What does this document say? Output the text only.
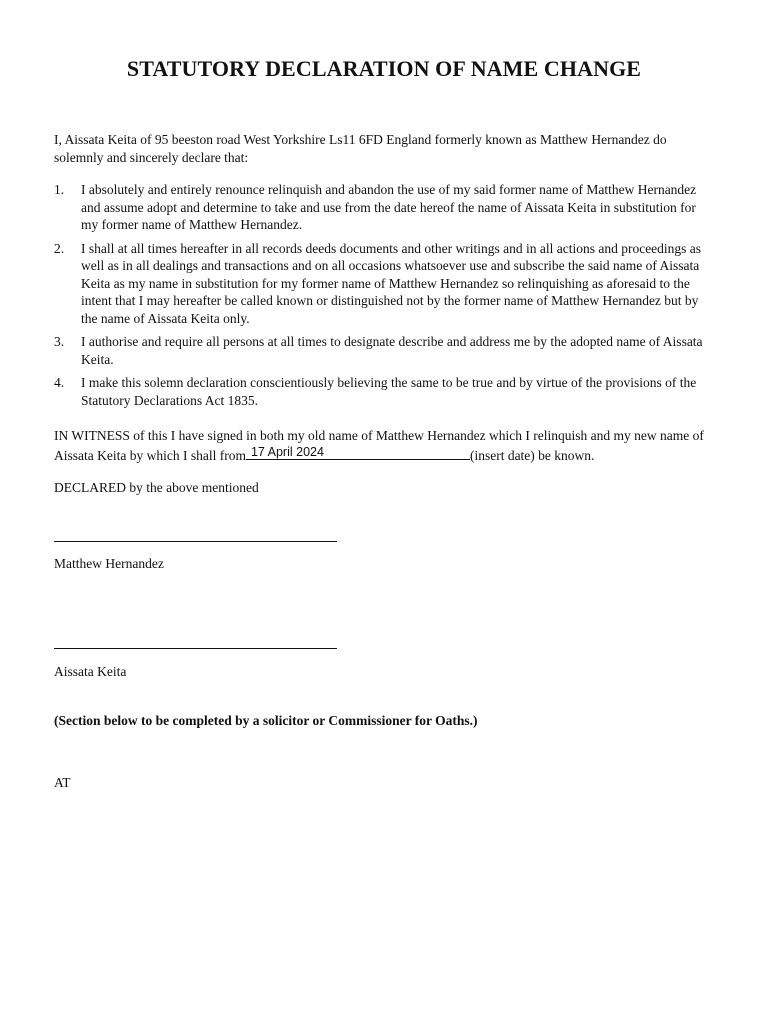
STATUTORY DECLARATION OF NAME CHANGE

I, Aissata Keita of 95 beeston road West Yorkshire Ls11 6FD England formerly known as Matthew Hernandez do solemnly and sincerely declare that:

1. I absolutely and entirely renounce relinquish and abandon the use of my said former name of Matthew Hernandez and assume adopt and determine to take and use from the date hereof the name of Aissata Keita in substitution for my former name of Matthew Hernandez.
2. I shall at all times hereafter in all records deeds documents and other writings and in all actions and proceedings as well as in all dealings and transactions and on all occasions whatsoever use and subscribe the said name of Aissata Keita as my name in substitution for my former name of Matthew Hernandez so relinquishing as aforesaid to the intent that I may hereafter be called known or distinguished not by the former name of Matthew Hernandez but by the name of Aissata Keita only.
3. I authorise and require all persons at all times to designate describe and address me by the adopted name of Aissata Keita.
4. I make this solemn declaration conscientiously believing the same to be true and by virtue of the provisions of the Statutory Declarations Act 1835.

IN WITNESS of this I have signed in both my old name of Matthew Hernandez which I relinquish and my new name of Aissata Keita by which I shall from 17 April 2024	(insert date) be known.

DECLARED by the above mentioned

Matthew Hernandez

Aissata Keita

(Section below to be completed by a solicitor or Commissioner for Oaths.)

AT
